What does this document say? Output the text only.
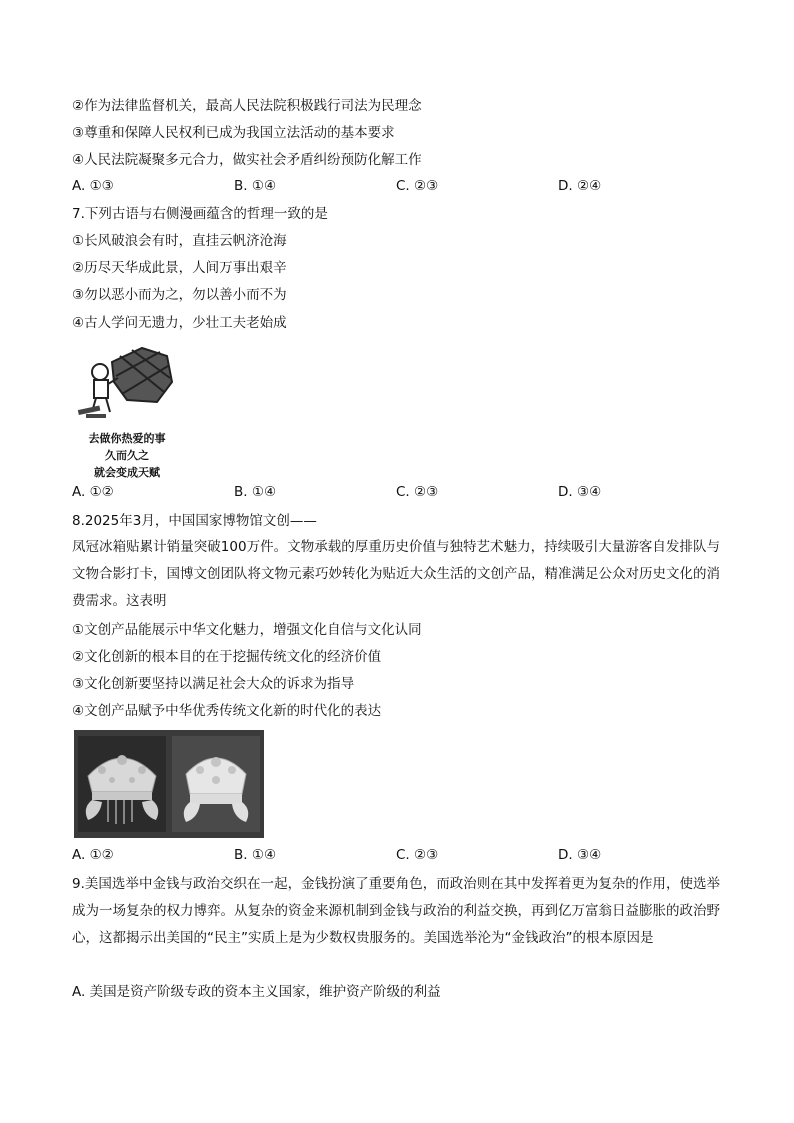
②作为法律监督机关，最高人民法院积极践行司法为民理念
③尊重和保障人民权利已成为我国立法活动的基本要求
④人民法院凝聚多元合力，做实社会矛盾纠纷预防化解工作
A. ①③	B. ①④	C. ②③	D. ②④
7.下列古语与右侧漫画蕴含的哲理一致的是
①长风破浪会有时，直挂云帆济沧海
②历尽天华成此景，人间万事出艰辛
③勿以恶小而为之，勿以善小而不为
④古人学问无遗力，少壮工夫老始成
去做你热爱的事
久而久之
就会变成天赋
A. ①②	B. ①④	C. ②③	D. ③④
8.2025年3月，中国国家博物馆文创——
凤冠冰箱贴累计销量突破100万件。文物承载的厚重历史价值与独特艺术魅力，持续吸引大量游客自发排队与文物合影打卡，国博文创团队将文物元素巧妙转化为贴近大众生活的文创产品，精准满足公众对历史文化的消费需求。这表明
①文创产品能展示中华文化魅力，增强文化自信与文化认同
②文化创新的根本目的在于挖掘传统文化的经济价值
③文化创新要坚持以满足社会大众的诉求为指导
④文创产品赋予中华优秀传统文化新的时代化的表达
A. ①②	B. ①④	C. ②③	D. ③④
9.美国选举中金钱与政治交织在一起，金钱扮演了重要角色，而政治则在其中发挥着更为复杂的作用，使选举成为一场复杂的权力博弈。从复杂的资金来源机制到金钱与政治的利益交换，再到亿万富翁日益膨胀的政治野心，这都揭示出美国的“民主”实质上是为少数权贵服务的。美国选举沦为“金钱政治”的根本原因是
A. 美国是资产阶级专政的资本主义国家，维护资产阶级的利益
